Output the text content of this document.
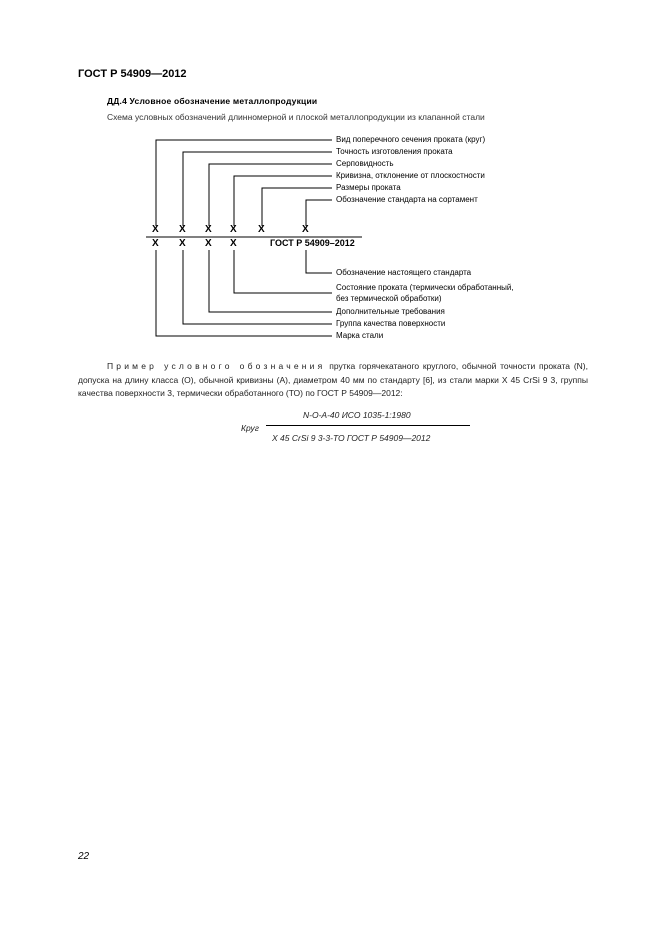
ГОСТ Р 54909—2012
ДД.4 Условное обозначение металлопродукции
Схема условных обозначений длинномерной и плоской металлопродукции из клапанной стали
X X X X X	X
X X X X	ГОСТ Р 54909–2012
Вид поперечного сечения проката (круг)
Точность изготовления проката
Серповидность
Кривизна, отклонение от плоскостности
Размеры проката
Обозначение стандарта на сортамент
Обозначение настоящего стандарта
Состояние проката (термически обработанный,
без термической обработки)
Дополнительные требования
Группа качества поверхности
Марка стали
Пример условного обозначения прутка горячекатаного круглого, обычной точности проката (N), допуска на длину класса (О), обычной кривизны (А), диаметром 40 мм по стандарту [6], из стали марки Х 45 CrSi 9 3, группы качества поверхности 3, термически обработанного (ТО) по ГОСТ Р 54909—2012:
Круг
N-O-A-40 ИСО 1035-1:1980
X 45 CrSi 9 3-3-ТО ГОСТ Р 54909—2012
22
